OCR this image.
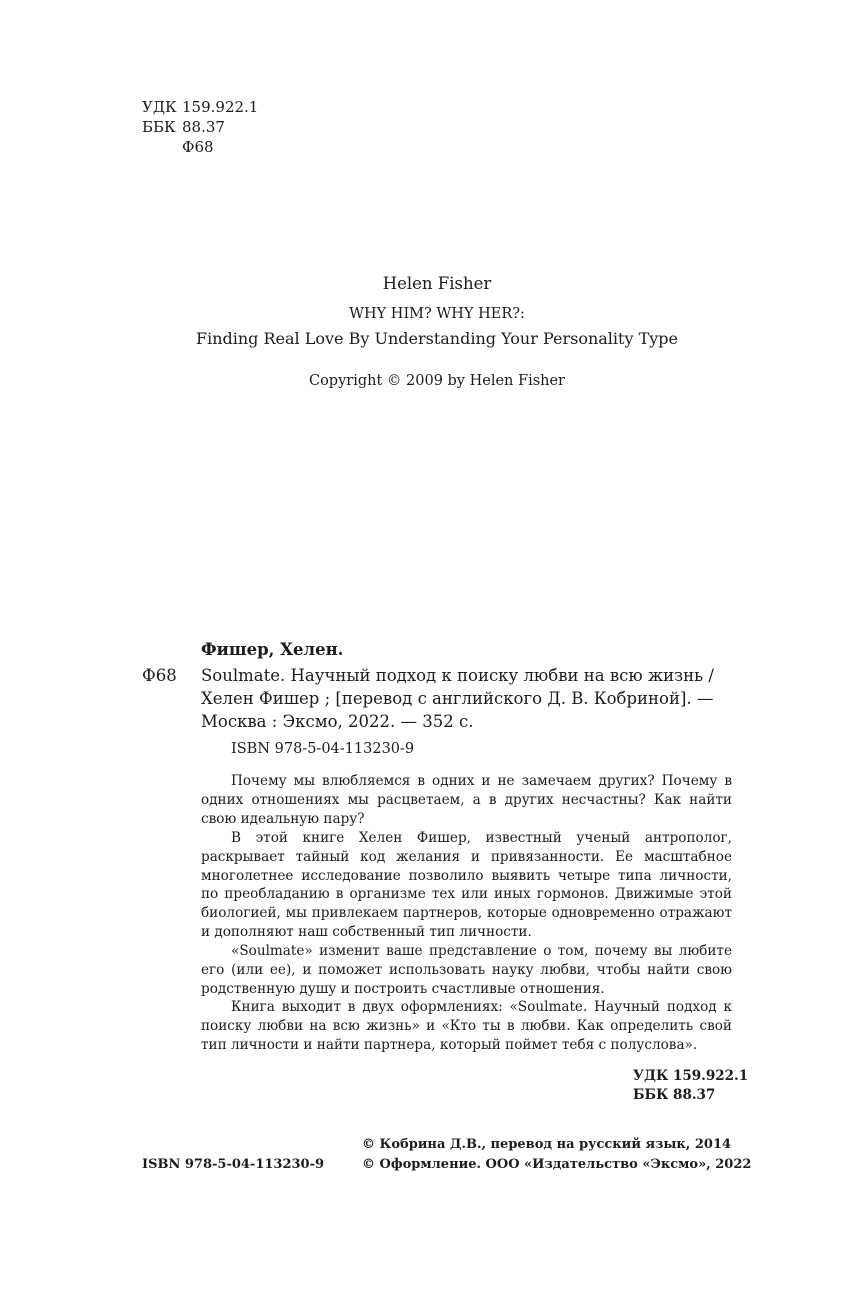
УДК 159.922.1
ББК 88.37
Ф68
Helen Fisher
WHY HIM? WHY HER?:
Finding Real Love By Understanding Your Personality Type
Copyright © 2009 by Helen Fisher
Фишер, Хелен.
Ф68 Soulmate. Научный подход к поиску любви на всю жизнь /
Хелен Фишер ; [перевод с английского Д. В. Кобриной]. —
Москва : Эксмо, 2022. — 352 с.
ISBN 978-5-04-113230-9
Почему мы влюбляемся в одних и не замечаем других? Почему в одних отношениях мы расцветаем, а в других несчастны? Как найти свою идеальную пару?
В этой книге Хелен Фишер, известный ученый антрополог, раскрывает тайный код желания и привязанности. Ее масштабное многолетнее исследование позволило выявить четыре типа личности, по преобладанию в организме тех или иных гормонов. Движимые этой биологией, мы привлекаем партнеров, которые одновременно отражают и дополняют наш собственный тип личности.
«Soulmate» изменит ваше представление о том, почему вы любите его (или ее), и поможет использовать науку любви, чтобы найти свою родственную душу и построить счастливые отношения.
Книга выходит в двух оформлениях: «Soulmate. Научный подход к поиску любви на всю жизнь» и «Кто ты в любви. Как определить свой тип личности и найти партнера, который поймет тебя с полуслова».
УДК 159.922.1
ББК 88.37
© Кобрина Д.В., перевод на русский язык, 2014
© Оформление. ООО «Издательство «Эксмо», 2022
ISBN 978-5-04-113230-9
